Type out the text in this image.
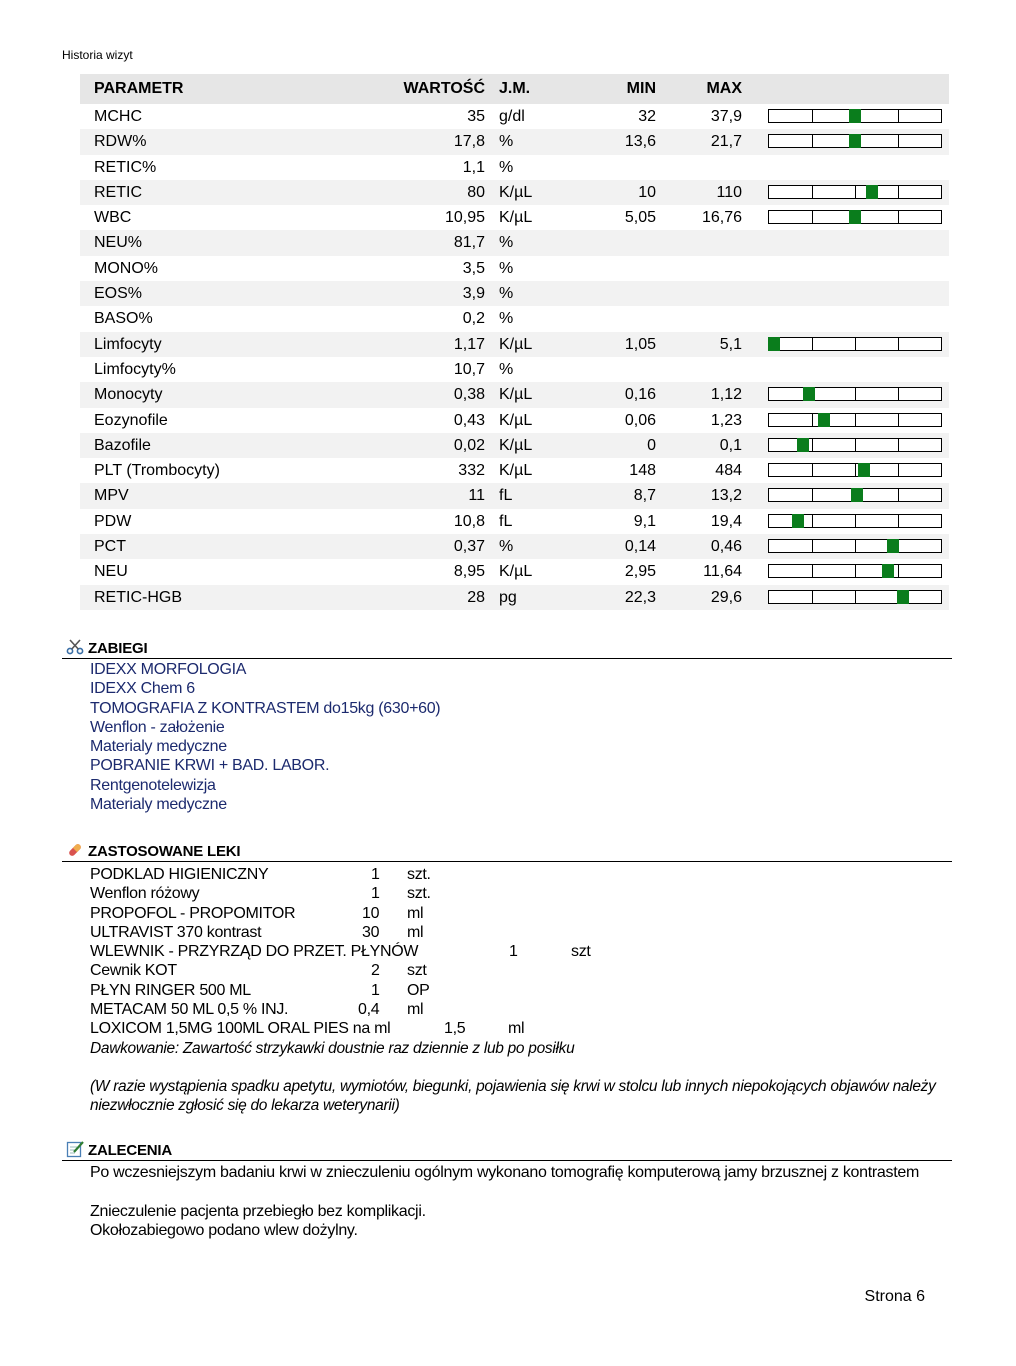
Historia wizyt
PARAMETR	WARTOŚĆ J.M.	MIN	MAX
MCHC	35 g/dl	32	37,9
RDW%	17,8 %	13,6	21,7
RETIC%	1,1 %
RETIC	80 K/µL	10	110
WBC	10,95 K/µL	5,05	16,76
NEU%	81,7 %
MONO%	3,5 %
EOS%	3,9 %
BASO%	0,2 %
Limfocyty	1,17 K/µL	1,05	5,1
Limfocyty%	10,7 %
Monocyty	0,38 K/µL	0,16	1,12
Eozynofile	0,43 K/µL	0,06	1,23
Bazofile	0,02 K/µL	0	0,1
PLT (Trombocyty)	332 K/µL	148	484
MPV	11 fL	8,7	13,2
PDW	10,8 fL	9,1	19,4
PCT	0,37 %	0,14	0,46
NEU	8,95 K/µL	2,95	11,64
RETIC-HGB	28 pg	22,3	29,6
ZABIEGI
IDEXX MORFOLOGIA
IDEXX Chem 6
TOMOGRAFIA Z KONTRASTEM do15kg (630+60)
Wenflon - założenie
Materialy medyczne
POBRANIE KRWI + BAD. LABOR.
Rentgenotelewizja
Materialy medyczne
ZASTOSOWANE LEKI
PODKLAD HIGIENICZNY	1 szt.
Wenflon różowy	1 szt.
PROPOFOL - PROPOMITOR	10 ml
ULTRAVIST 370 kontrast	30 ml
WLEWNIK - PRZYRZĄD DO PRZET. PŁYNÓW	1	szt
Cewnik KOT	2 szt
PŁYN RINGER 500 ML	1 OP
METACAM 50 ML 0,5 % INJ.	0,4 ml
LOXICOM 1,5MG 100ML ORAL PIES na ml	1,5	ml
Dawkowanie: Zawartość strzykawki doustnie raz dziennie z lub po posiłku
(W razie wystąpienia spadku apetytu, wymiotów, biegunki, pojawienia się krwi w stolcu lub innych niepokojących objawów należy niezwłocznie zgłosić się do lekarza weterynarii)
ZALECENIA

Po wczesniejszym badaniu krwi w znieczuleniu ogólnym wykonano tomografię komputerową jamy brzusznej z kontrastem

Znieczulenie pacjenta przebiegło bez komplikacji.

Okołozabiegowo podano wlew dożylny.

Strona 6
